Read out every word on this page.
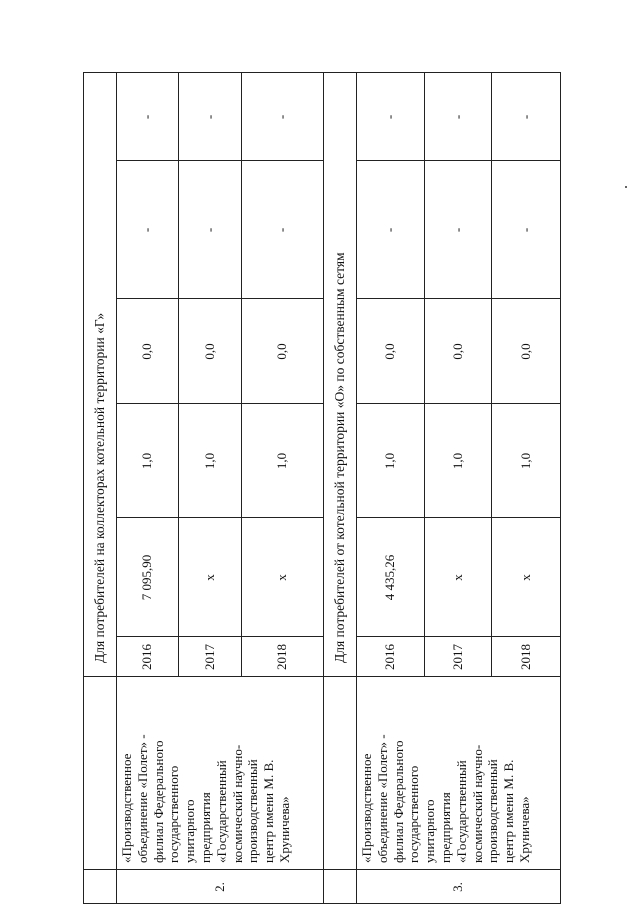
Для потребителей на коллекторах котельной территории «Г»	Для потребителей от котельной территории «О» по собственным сетям
2.
«Производственное
объединение «Полет» -
филиал Федерального
государственного
унитарного
предприятия
«Государственный
космический научно-
производственный
центр имени М. В.
Хруничева»
3.
«Производственное
объединение «Полет» -
филиал Федерального
государственного
унитарного
предприятия
«Государственный
космический научно-
производственный
центр имени М. В.
Хруничева»
2016
7 095,90
1,0
0,0
-
-
2017
x
1,0
0,0
-
-
2018
x
1,0
0,0
-
-
2016
4 435,26
1,0
0,0
-
-
2017
x
1,0
0,0
-
-
2018
x
1,0
0,0
-
-
